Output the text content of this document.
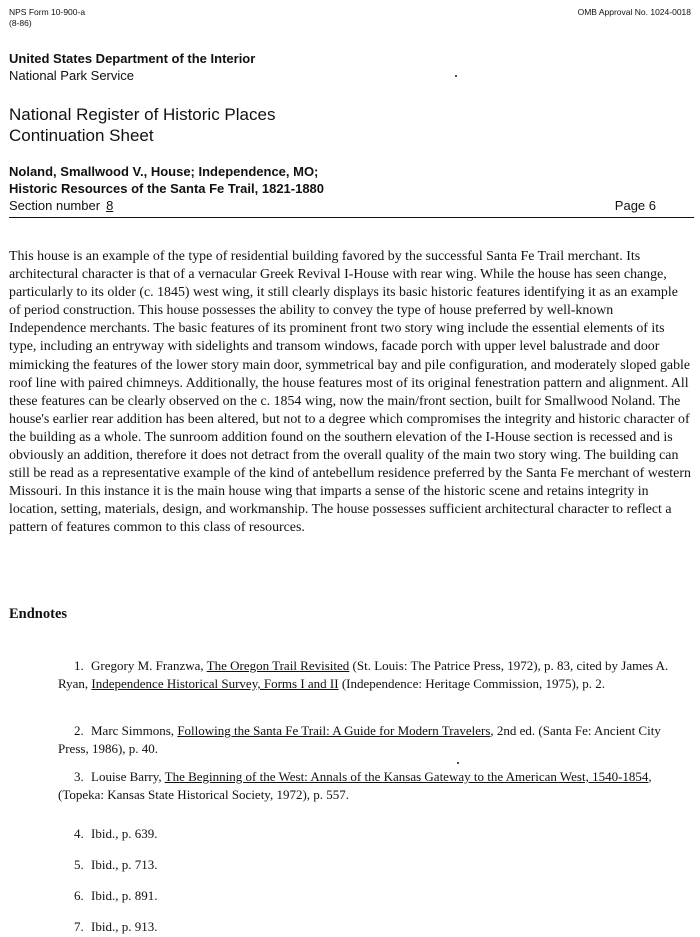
NPS Form 10-900-a
(8-86)
OMB Approval No. 1024-0018
United States Department of the Interior
National Park Service
National Register of Historic Places
Continuation Sheet
Noland, Smallwood V., House; Independence, MO;
Historic Resources of the Santa Fe Trail, 1821-1880
Section number 8	Page 6

This house is an example of the type of residential building favored by the successful Santa Fe Trail merchant. Its architectural character is that of a vernacular Greek Revival I-House with rear wing. While the house has seen change, particularly to its older (c. 1845) west wing, it still clearly displays its basic historic features identifying it as an example of period construction. This house possesses the ability to convey the type of house preferred by well-known Independence merchants. The basic features of its prominent front two story wing include the essential elements of its type, including an entryway with sidelights and transom windows, facade porch with upper level balustrade and door mimicking the features of the lower story main door, symmetrical bay and pile configuration, and moderately sloped gable roof line with paired chimneys. Additionally, the house features most of its original fenestration pattern and alignment. All these features can be clearly observed on the c. 1854 wing, now the main/front section, built for Smallwood Noland. The house's earlier rear addition has been altered, but not to a degree which compromises the integrity and historic character of the building as a whole. The sunroom addition found on the southern elevation of the I-House section is recessed and is obviously an addition, therefore it does not detract from the overall quality of the main two story wing. The building can still be read as a representative example of the kind of antebellum residence preferred by the Santa Fe merchant of western Missouri. In this instance it is the main house wing that imparts a sense of the historic scene and retains integrity in location, setting, materials, design, and workmanship. The house possesses sufficient architectural character to reflect a pattern of features common to this class of resources.

Endnotes

1. Gregory M. Franzwa, The Oregon Trail Revisited (St. Louis: The Patrice Press, 1972), p. 83, cited by James A. Ryan, Independence Historical Survey, Forms I and II (Independence: Heritage Commission, 1975), p. 2.

2. Marc Simmons, Following the Santa Fe Trail: A Guide for Modern Travelers, 2nd ed. (Santa Fe: Ancient City Press, 1986), p. 40.

3. Louise Barry, The Beginning of the West: Annals of the Kansas Gateway to the American West, 1540-1854, (Topeka: Kansas State Historical Society, 1972), p. 557.

4. Ibid., p. 639.

5. Ibid., p. 713.

6. Ibid., p. 891.

7. Ibid., p. 913.
